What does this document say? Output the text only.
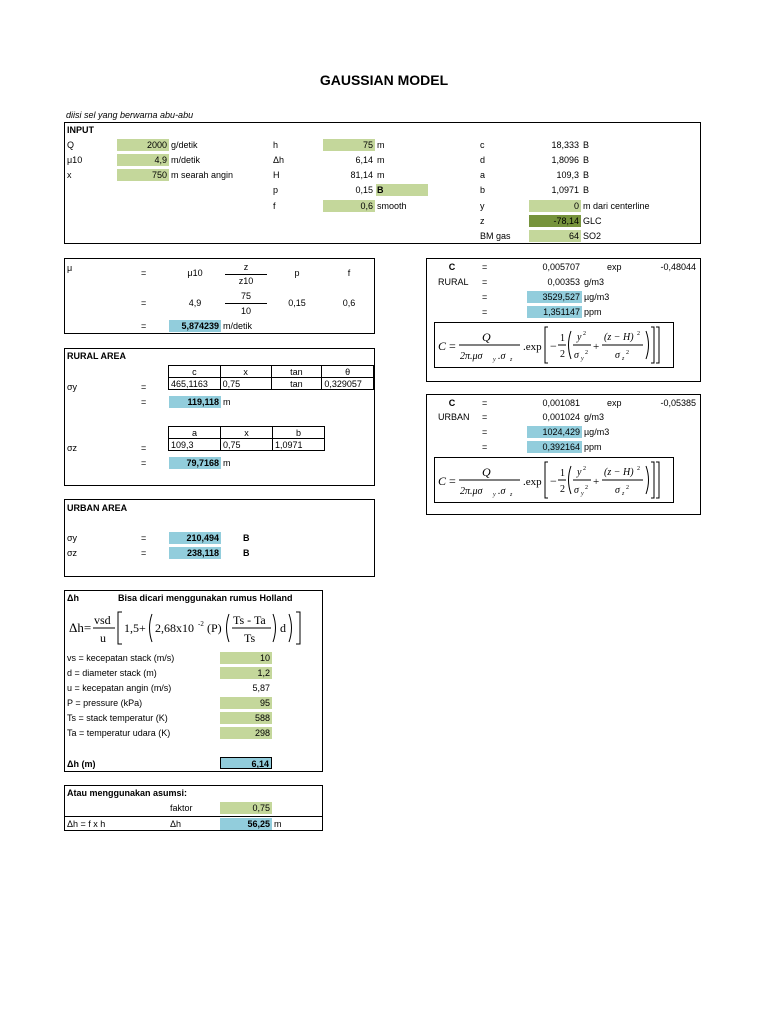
GAUSSIAN MODEL
diisi sel yang berwarna abu-abu
INPUT
Q	2000 g/detik
μ10	4,9 m/detik
x	750 m searah angin
h	75 m
Δh	6,14 m
H	81,14 m
p	0,15 B
f	0,6 smooth
c	18,333 B
d	1,8096 B
a	109,3 B
b	1,0971 B
y	0 m dari centerline
z	-78,14 GLC
BM gas	64 SO2
μ	=	μ10
z
z10
p	f
=	4,9
75
10
0,15	0,6
=	5,874239 m/detik
RURAL AREA
σy	=
c	x	tan	θ
465,1163	0,75	tan	0,329057
=	119,118 m
σz	=
a	x	b
109,3	0,75	1,0971
=	79,7168 m
URBAN AREA
σy	=	210,494	B
σz	=	238,118	B
Δh	Bisa dicari menggunakan rumus Holland
Δh= vsd
u
1,5+ 2,68x10 -2 (P)
Ts - Ta
Ts
d
vs = kecepatan stack (m/s)	10
d = diameter stack (m)	1,2
u = kecepatan angin (m/s)	5,87
P = pressure (kPa)	95
Ts = stack temperatur (K)	588
Ta = temperatur udara (K)	298
Δh (m)	6,14
Atau menggunakan asumsi:
faktor	0,75
Δh = f x h	Δh	56,25 m
C	=	0,005707	exp	-0,48044
RURAL =	0,00353 g/m3
=	3529,527 µg/m3
=	1,351147 ppm
C =
Q
2π.μσ y .σ z
.exp −
1
2
y 2
σ y
2 +
(z − H) 2
σ z
2
C	=	0,001081	exp	-0,05385
URBAN =	0,001024 g/m3
=	1024,429 µg/m3
=	0,392164 ppm
C =
Q
2π.μσ y .σ z
.exp −
1
2
y 2
σ y
2 +
(z − H) 2
σ z
2
